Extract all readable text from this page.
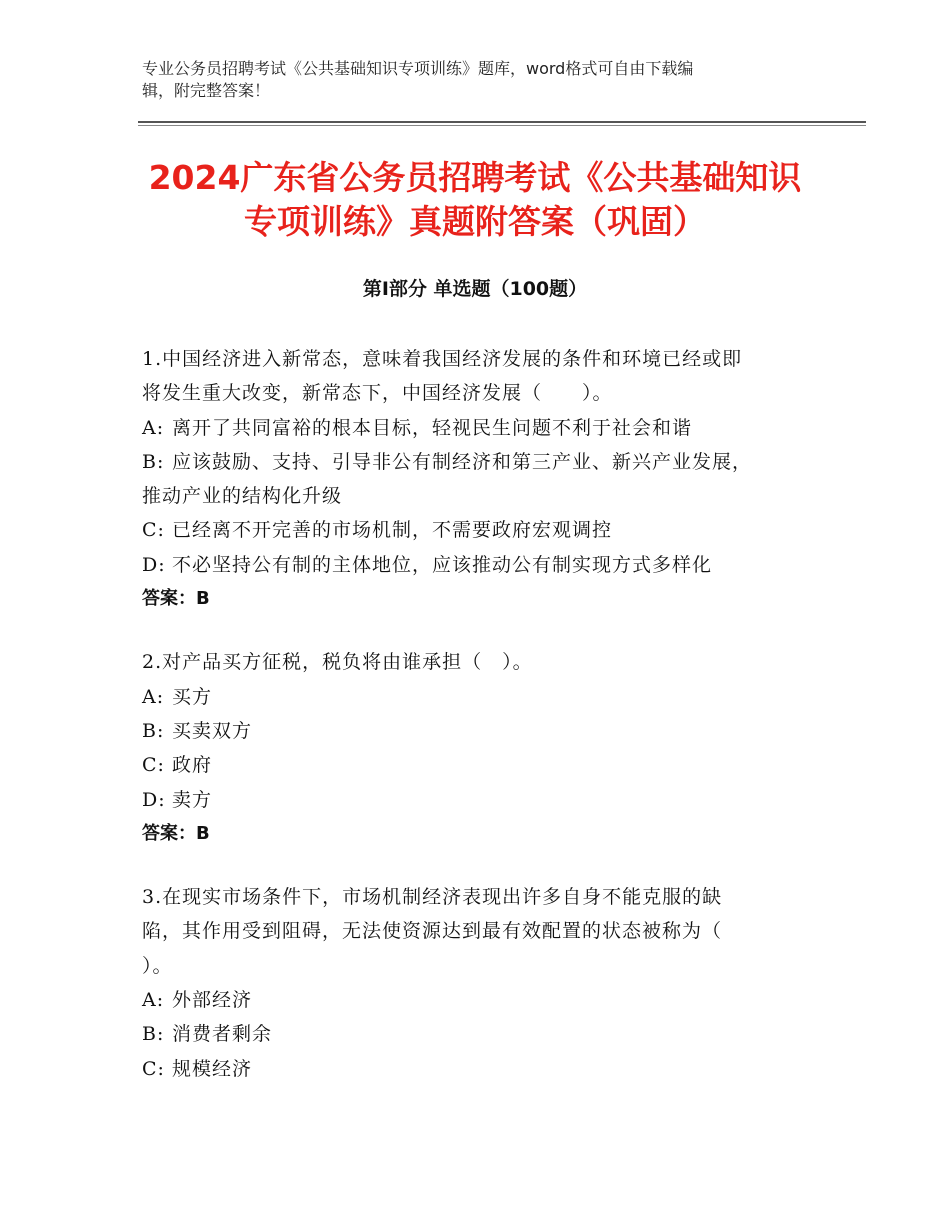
专业公务员招聘考试《公共基础知识专项训练》题库，word格式可自由下载编
辑，附完整答案！
2024广东省公务员招聘考试《公共基础知识
专项训练》真题附答案（巩固）
第Ⅰ部分 单选题（100题）
1.中国经济进入新常态，意味着我国经济发展的条件和环境已经或即
将发生重大改变，新常态下，中国经济发展（　　）。
A: 离开了共同富裕的根本目标，轻视民生问题不利于社会和谐
B: 应该鼓励、支持、引导非公有制经济和第三产业、新兴产业发展，
推动产业的结构化升级
C: 已经离不开完善的市场机制，不需要政府宏观调控
D: 不必坚持公有制的主体地位，应该推动公有制实现方式多样化
答案：B
2.对产品买方征税，税负将由谁承担（　）。
A: 买方
B: 买卖双方
C: 政府
D: 卖方
答案：B
3.在现实市场条件下，市场机制经济表现出许多自身不能克服的缺
陷，其作用受到阻碍，无法使资源达到最有效配置的状态被称为（
）。
A: 外部经济
B: 消费者剩余
C: 规模经济
